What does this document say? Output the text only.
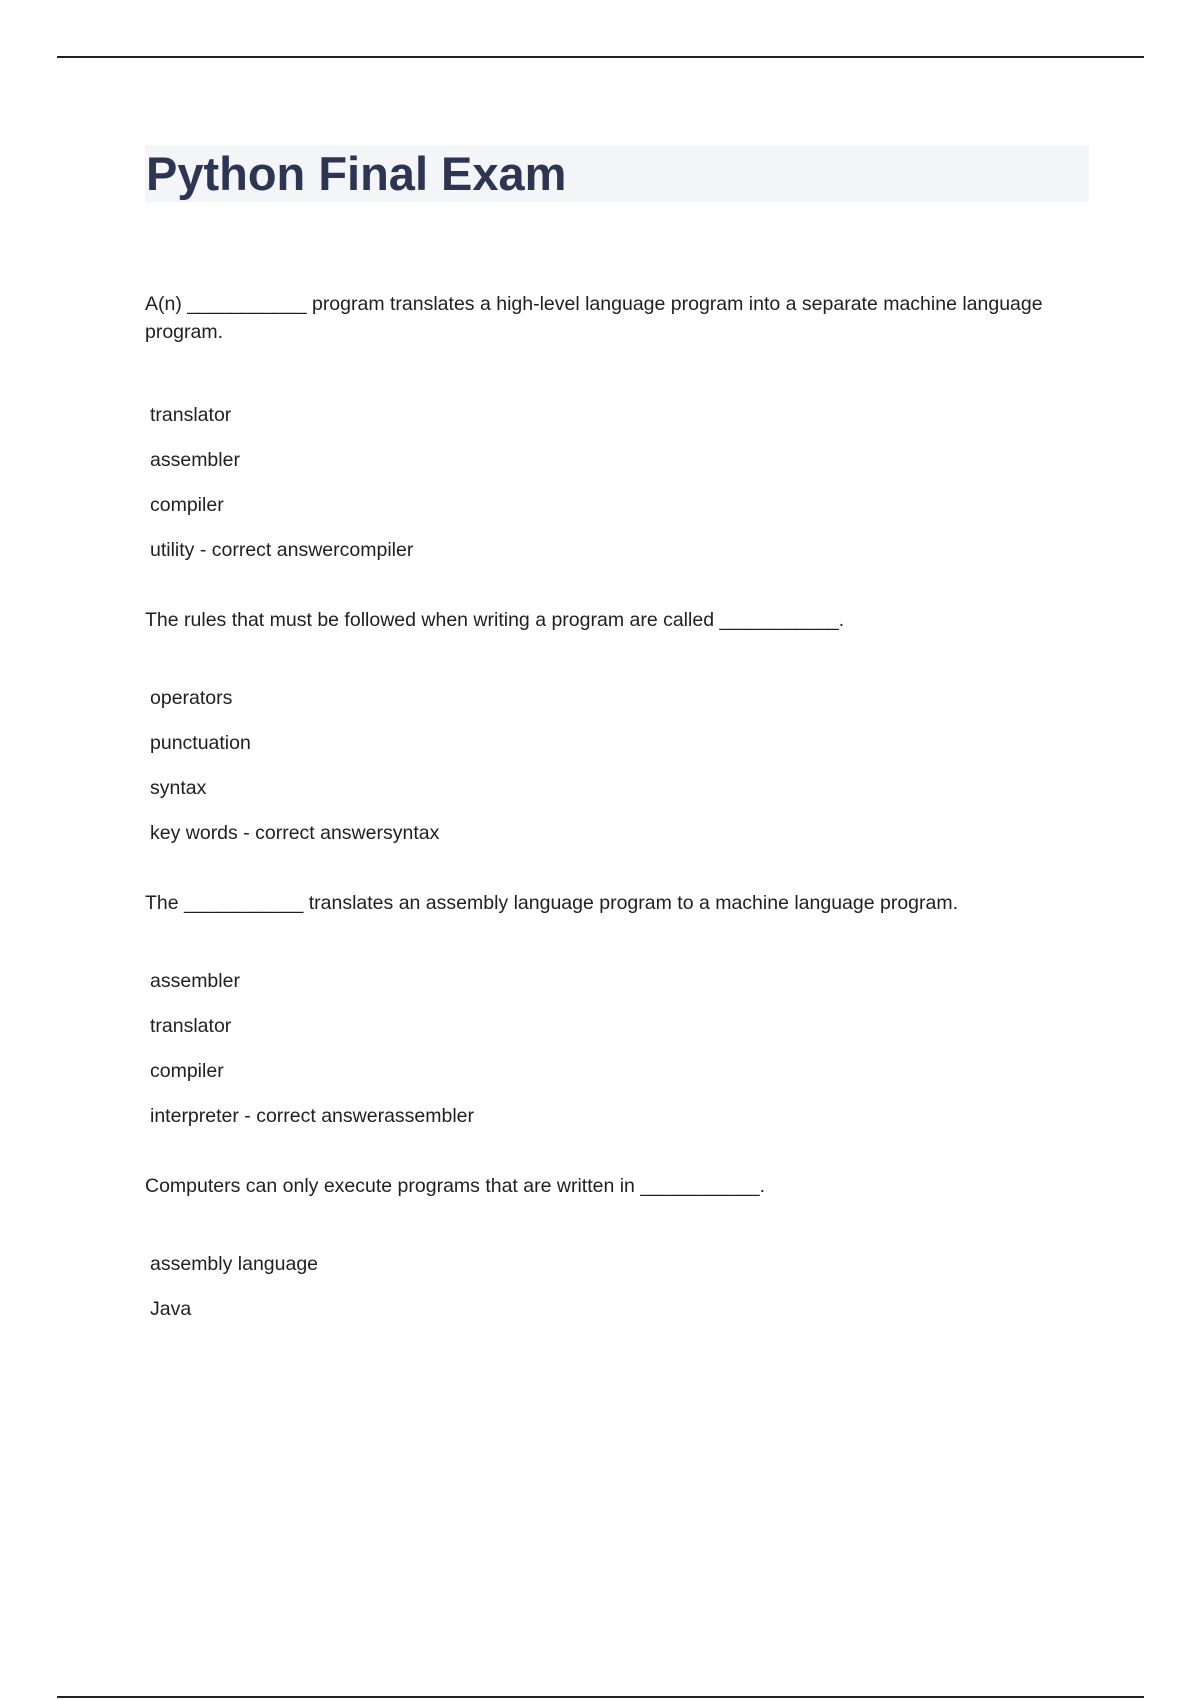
Python Final Exam

A(n) ___________ program translates a high-level language program into a separate machine language program.

translator
assembler
compiler
utility - correct answercompiler

The rules that must be followed when writing a program are called ___________.

operators
punctuation
syntax
key words - correct answersyntax

The ___________ translates an assembly language program to a machine language program.

assembler
translator
compiler
interpreter - correct answerassembler

Computers can only execute programs that are written in ___________.

assembly language
Java
